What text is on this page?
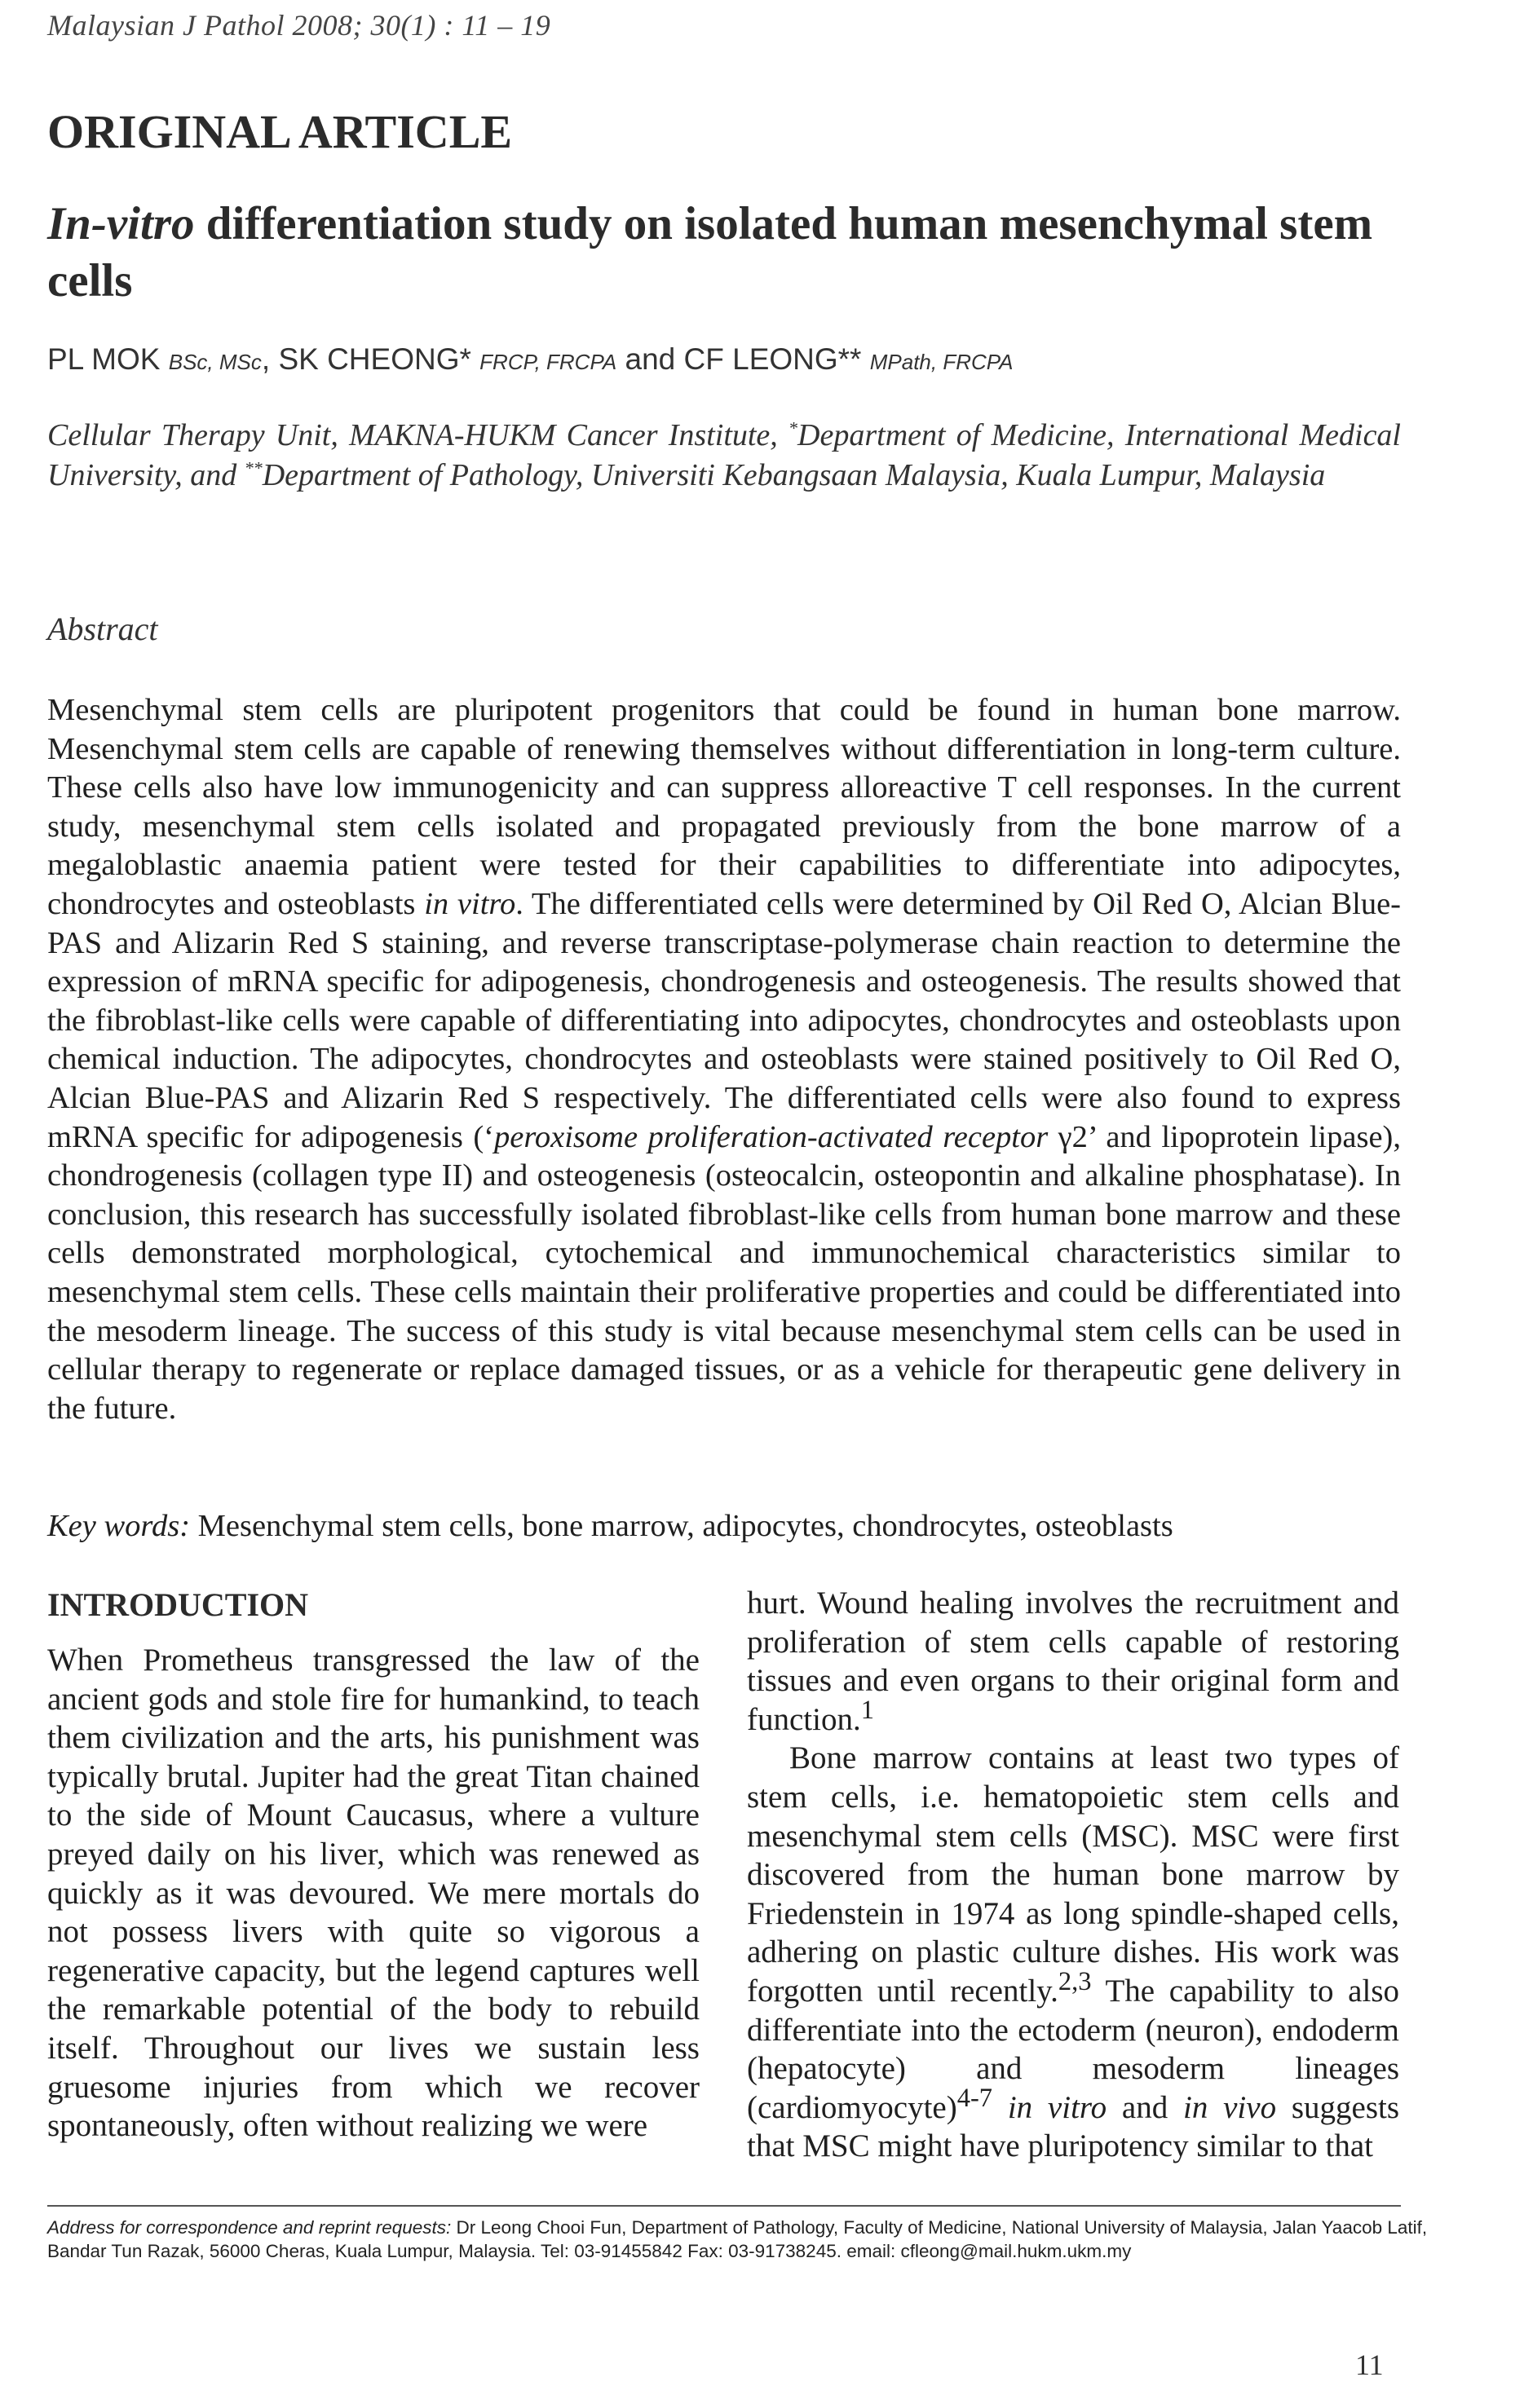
Malaysian J Pathol 2008; 30(1) : 11 – 19
ORIGINAL ARTICLE
In-vitro differentiation study on isolated human mesenchymal stem cells
PL MOK BSc, MSc, SK CHEONG* FRCP, FRCPA and CF LEONG** MPath, FRCPA
Cellular Therapy Unit, MAKNA-HUKM Cancer Institute, *Department of Medicine, International Medical University, and **Department of Pathology, Universiti Kebangsaan Malaysia, Kuala Lumpur, Malaysia
Abstract
Mesenchymal stem cells are pluripotent progenitors that could be found in human bone marrow. Mesenchymal stem cells are capable of renewing themselves without differentiation in long-term culture. These cells also have low immunogenicity and can suppress alloreactive T cell responses. In the current study, mesenchymal stem cells isolated and propagated previously from the bone marrow of a megaloblastic anaemia patient were tested for their capabilities to differentiate into adipocytes, chondrocytes and osteoblasts in vitro. The differentiated cells were determined by Oil Red O, Alcian Blue-PAS and Alizarin Red S staining, and reverse transcriptase-polymerase chain reaction to determine the expression of mRNA specific for adipogenesis, chondrogenesis and osteogenesis. The results showed that the fibroblast-like cells were capable of differentiating into adipocytes, chondrocytes and osteoblasts upon chemical induction. The adipocytes, chondrocytes and osteoblasts were stained positively to Oil Red O, Alcian Blue-PAS and Alizarin Red S respectively. The differentiated cells were also found to express mRNA specific for adipogenesis (‘peroxisome proliferation-activated receptor γ2’ and lipoprotein lipase), chondrogenesis (collagen type II) and osteogenesis (osteocalcin, osteopontin and alkaline phosphatase). In conclusion, this research has successfully isolated fibroblast-like cells from human bone marrow and these cells demonstrated morphological, cytochemical and immunochemical characteristics similar to mesenchymal stem cells. These cells maintain their proliferative properties and could be differentiated into the mesoderm lineage. The success of this study is vital because mesenchymal stem cells can be used in cellular therapy to regenerate or replace damaged tissues, or as a vehicle for therapeutic gene delivery in the future.
Key words: Mesenchymal stem cells, bone marrow, adipocytes, chondrocytes, osteoblasts
INTRODUCTION

When Prometheus transgressed the law of the ancient gods and stole fire for humankind, to teach them civilization and the arts, his punishment was typically brutal. Jupiter had the great Titan chained to the side of Mount Caucasus, where a vulture preyed daily on his liver, which was renewed as quickly as it was devoured. We mere mortals do not possess livers with quite so vigorous a regenerative capacity, but the legend captures well the remarkable potential of the body to rebuild itself. Throughout our lives we sustain less gruesome injuries from which we recover spontaneously, often without realizing we were

hurt. Wound healing involves the recruitment and proliferation of stem cells capable of restoring tissues and even organs to their original form and function.$^1$

Bone marrow contains at least two types of stem cells, i.e. hematopoietic stem cells and mesenchymal stem cells (MSC). MSC were first discovered from the human bone marrow by Friedenstein in 1974 as long spindle-shaped cells, adhering on plastic culture dishes. His work was forgotten until recently.$^{2,3}$ The capability to also differentiate into the ectoderm (neuron), endoderm (hepatocyte) and mesoderm lineages (cardiomyocyte)$^{4-7}$ in vitro and in vivo suggests that MSC might have pluripotency similar to that

Address for correspondence and reprint requests: Dr Leong Chooi Fun, Department of Pathology, Faculty of Medicine, National University of Malaysia, Jalan Yaacob Latif, Bandar Tun Razak, 56000 Cheras, Kuala Lumpur, Malaysia. Tel: 03-91455842 Fax: 03-91738245. email: cfleong@mail.hukm.ukm.my
11
